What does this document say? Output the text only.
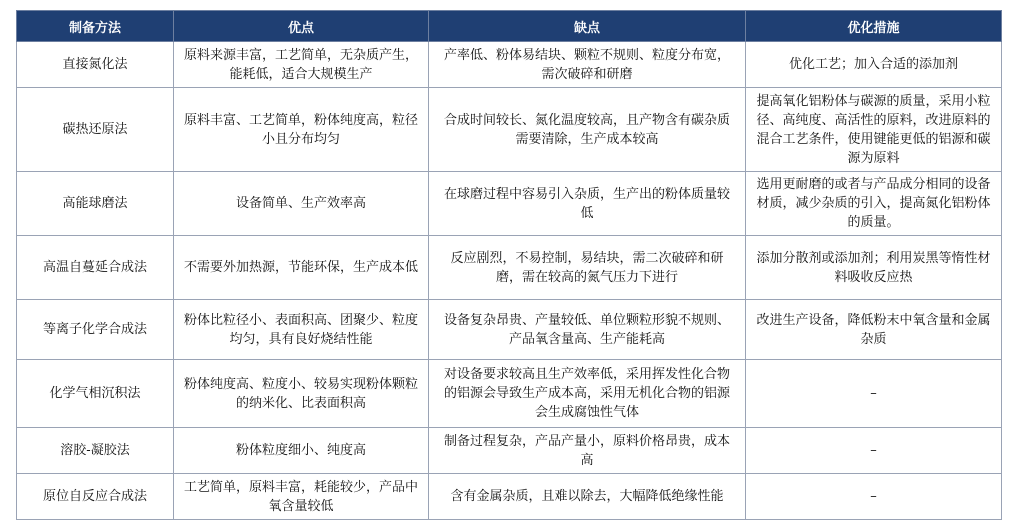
制备方法	优点	缺点	优化措施
直接氮化法	原料来源丰富，工艺简单，无杂质产生，能耗低，适合大规模生产	产率低、粉体易结块、颗粒不规则、粒度分布宽，需次破碎和研磨	优化工艺；加入合适的添加剂
碳热还原法	原料丰富、工艺简单，粉体纯度高，粒径小且分布均匀	合成时间较长、氮化温度较高，且产物含有碳杂质需要清除，生产成本较高	提高氧化铝粉体与碳源的质量，采用小粒径、高纯度、高活性的原料，改进原料的混合工艺条件，使用键能更低的铝源和碳源为原料
高能球磨法	设备简单、生产效率高	在球磨过程中容易引入杂质，生产出的粉体质量较低	选用更耐磨的或者与产品成分相同的设备材质，减少杂质的引入，提高氮化铝粉体的质量。
高温自蔓延合成法	不需要外加热源，节能环保，生产成本低	反应剧烈，不易控制，易结块，需二次破碎和研磨，需在较高的氮气压力下进行	添加分散剂或添加剂；利用炭黑等惰性材料吸收反应热
等离子化学合成法	粉体比粒径小、表面积高、团聚少、粒度均匀，具有良好烧结性能	设备复杂昂贵、产量较低、单位颗粒形貌不规则、产品氧含量高、生产能耗高	改进生产设备，降低粉末中氧含量和金属杂质
化学气相沉积法	粉体纯度高、粒度小、较易实现粉体颗粒的纳米化、比表面积高	对设备要求较高且生产效率低，采用挥发性化合物的铝源会导致生产成本高，采用无机化合物的铝源会生成腐蚀性气体	–
溶胶-凝胶法	粉体粒度细小、纯度高	制备过程复杂，产品产量小，原料价格昂贵，成本高	–
原位自反应合成法	工艺简单，原料丰富，耗能较少，产品中氧含量较低	含有金属杂质，且难以除去，大幅降低绝缘性能	–
